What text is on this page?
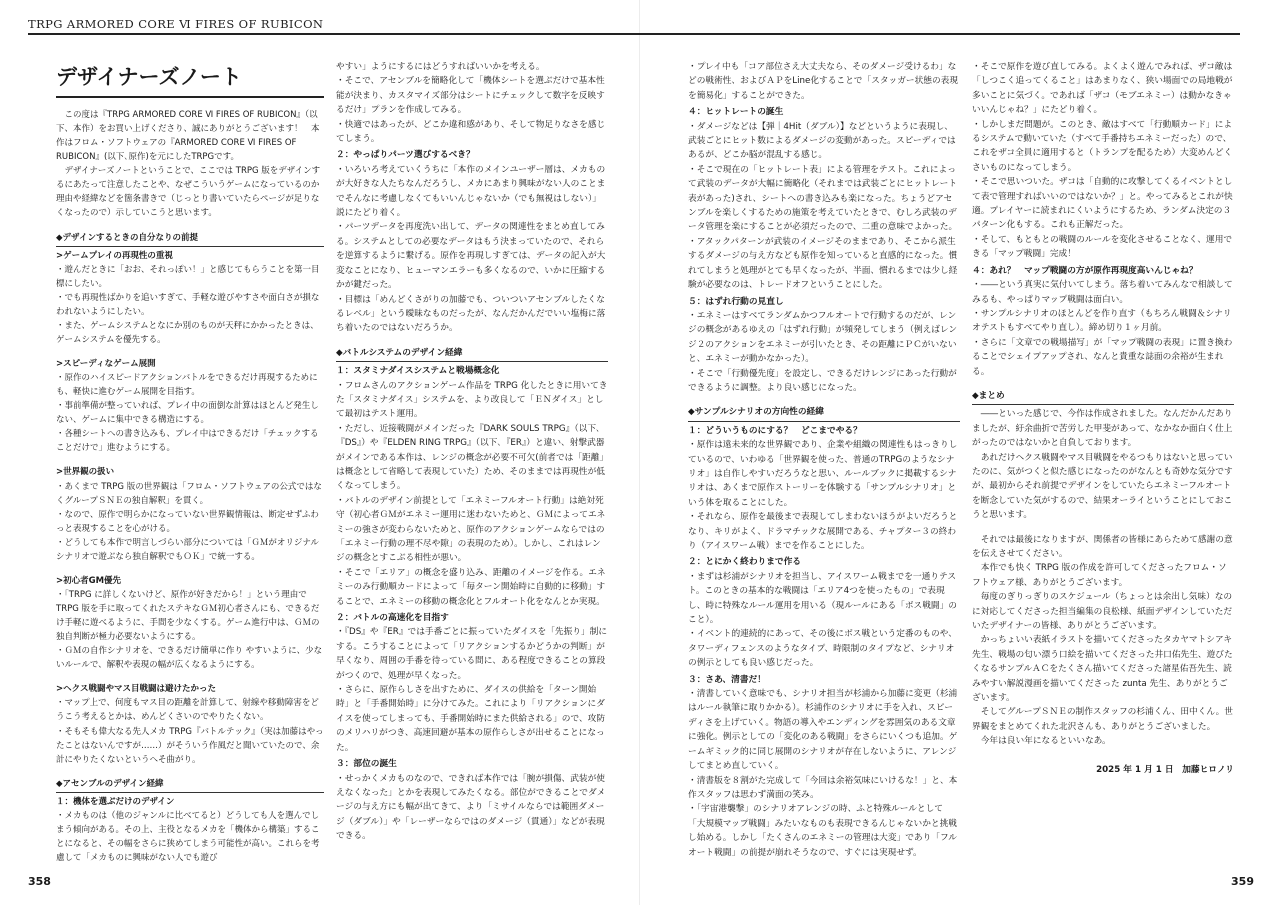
TRPG ARMORED CORE Ⅵ FIRES OF RUBICON
デザイナーズノート

　この度は『TRPG ARMORED CORE Ⅵ FIRES OF RUBICON』（以下、本作）をお買い上げくださり、誠にありがとうございます！　本作はフロム・ソフトウェアの『ARMORED CORE Ⅵ FIRES OF RUBICON』(以下､原作)を元にしたTRPGです。

　デザイナーズノートということで、ここでは TRPG 版をデザインするにあたって注意したことや、なぜこういうゲームになっているのか理由や経緯などを箇条書きで（じっとり書いていたらページが足りなくなったので）示していこうと思います。

◆デザインするときの自分なりの前提
>ゲームプレイの再現性の重視

・遊んだときに「おお、それっぽい！」と感じてもらうことを第一目標にしたい。
・でも再現性ばかりを追いすぎて、手軽な遊びやすさや面白さが損なわれないようにしたい。
・また、ゲームシステムとなにか別のものが天秤にかかったときは、ゲームシステムを優先する。

>スピーディなゲーム展開

・原作のハイスピードアクションバトルをできるだけ再現するためにも、軽快に進むゲーム展開を目指す。
・事前準備が整っていれば、プレイ中の面倒な計算はほとんど発生しない、ゲームに集中できる構造にする。
・各種シートへの書き込みも、プレイ中はできるだけ「チェックすることだけで」進むようにする。

>世界観の扱い

・あくまで TRPG 版の世界観は「フロム・ソフトウェアの公式ではなくグループＳＮＥの独自解釈」を貫く。
・なので、原作で明らかになっていない世界観情報は、断定せずふわっと表現することを心がける。
・どうしても本作で明言しづらい部分については「ＧＭがオリジナルシナリオで遊ぶなら独自解釈でもＯＫ」で統一する。

>初心者GM優先

・「TRPG に詳しくないけど、原作が好きだから！」という理由で TRPG 版を手に取ってくれたステキなＧＭ初心者さんにも、できるだけ手軽に遊べるように、手間を少なくする。ゲーム進行中は、ＧＭの独自判断が極力必要ないようにする。
・ＧＭの自作シナリオを、できるだけ簡単に作り やすいように、少ないルールで、解釈や表現の幅が広くなるようにする。

>ヘクス戦闘やマス目戦闘は避けたかった

・マップ上で、何度もマス目の距離を計算して、射線や移動障害をどうこう考えるとかは、めんどくさいのでやりたくない。
・そもそも偉大なる先人メカ TRPG『バトルテック』（実は加藤はやったことはないんですが……）がそういう作風だと聞いていたので、余計にやりたくないというへそ曲がり。

◆アセンブルのデザイン経緯
１：機体を選ぶだけのデザイン

・メカものは（他のジャンルに比べてると）どうしても人を選んでしまう傾向がある。その上、主役となるメカを「機体から構築」することになると、その幅をさらに狭めてしまう可能性が高い。これらを考慮して「メカものに興味がない人でも遊び

やすい」ようにするにはどうすればいいかを考える。
・そこで、アセンブルを簡略化して「機体シートを選ぶだけで基本性能が決まり、カスタマイズ部分はシートにチェックして数字を反映するだけ」プランを作成してみる。
・快適ではあったが、どこか違和感があり、そして物足りなさを感じてしまう。

２：やっぱりパーツ選びするべき？

・いろいろ考えていくうちに「本作のメインユーザー層は、メカものが大好きな人たちなんだろうし、メカにあまり興味がない人のことまでそんなに考慮しなくてもいいんじゃないか（でも無視はしない）」説にたどり着く。
・パーツデータを再度洗い出して、データの関連性をまとめ直してみる。システムとしての必要なデータはもう決まっていたので、それらを逆算するように繋げる。原作を再現しすぎては、データの記入が大変なことになり、ヒューマンエラーも多くなるので、いかに圧縮するかが鍵だった。
・目標は「めんどくさがりの加藤でも、ついついアセンブルしたくなるレベル」という曖昧なものだったが、なんだかんだでいい塩梅に落ち着いたのではないだろうか。

◆バトルシステムのデザイン経緯
１：スタミナダイスシステムと戦場概念化

・フロムさんのアクションゲーム作品を TRPG 化したときに用いてきた「スタミナダイス」システムを、より改良して「ＥＮダイス」として最初はテスト運用。
・ただし、近接戦闘がメインだった『DARK SOULS TRPG』（以下､『DS』）や『ELDEN RING TRPG』（以下､『ER』）と違い、射撃武器がメインである本作は、レンジの概念が必要不可欠(前者では「距離」は概念として省略して表現していた）ため、そのままでは再現性が低くなってしまう。
・バトルのデザイン前提として「エネミーフルオート行動」は絶対死守（初心者ＧＭがエネミー運用に迷わないためと、ＧＭによってエネミーの強さが変わらないためと、原作のアクションゲームならではの「エネミー行動の理不尽や隙」の表現のため）。しかし、これはレンジの概念とすこぶる相性が悪い。
・そこで「エリア」の概念を盛り込み、距離のイメージを作る。エネミーのみ行動順カードによって「毎ターン開始時に自動的に移動」することで、エネミーの移動の概念化とフルオート化をなんとか実現。

２：バトルの高速化を目指す

・『DS』や『ER』では手番ごとに振っていたダイスを「先振り」制にする。こうすることによって「リアクションするかどうかの判断」が早くなり、周囲の手番を待っている間に、ある程度できることの算段がつくので、処理が早くなった。
・さらに、原作らしさを出すために、ダイスの供給を「ターン開始時」と「手番開始時」に分けてみた。これにより「リアクションにダイスを使ってしまっても、手番開始時にまた供給される」ので、攻防のメリハリがつき、高速回避が基本の原作らしさが出せることになった。

３：部位の誕生

・せっかくメカものなので、できれば本作では「腕が損傷、武装が使えなくなった」とかを表現してみたくなる。部位ができることでダメージの与え方にも幅が出てきて、より「ミサイルならでは範囲ダメージ（ダブル）」や「レーザーならではのダメージ（貫通）」などが表現できる。

358

・プレイ中も「コア部位さえ大丈夫なら、そのダメージ受けるわ」などの戦術性、およびＡＰをLine化することで「スタッガー状態の表現を簡易化」することができた。

４：ヒットレートの誕生

・ダメージなどは【弾｜4Hit（ダブル）】などというように表現し、武装ごとにヒット数によるダメージの変動があった。スピーディではあるが、どこか脳が混乱する感じ。
・そこで現在の「ヒットレート表」による管理をテスト。これによって武装のデータが大幅に簡略化（それまでは武装ごとにヒットレート表があった)され、シートへの書き込みも楽になった。ちょうどアセンブルを楽しくするための施策を考えていたときで、むしろ武装のデータ管理を楽にすることが必須だったので、二重の意味でよかった。
・アタックパターンが武装のイメージそのままであり、そこから派生するダメージの与え方なども原作を知っていると直感的になった。慣れてしまうと処理がとても早くなったが、半面、慣れるまでは少し経験が必要なのは、トレードオフということにした。

５：はずれ行動の見直し

・エネミーはすべてランダムかつフルオートで行動するのだが、レンジの概念があるゆえの「はずれ行動」が頻発してしまう（例えばレンジ２のアクションをエネミーが引いたとき、その距離にＰＣがいないと、エネミーが動かなかった）。
・そこで「行動優先度」を設定し、できるだけレンジにあった行動ができるように調整。より良い感じになった。

◆サンプルシナリオの方向性の経緯
１：どういうものにする？　どこまでやる？

・原作は遠未来的な世界観であり、企業や組織の関連性もはっきりしているので、いわゆる「世界観を使った、普通のTRPGのようなシナリオ」は自作しやすいだろうなと思い、ルールブックに掲載するシナリオは、あくまで原作ストーリーを体験する「サンプルシナリオ」という体を取ることにした。
・それなら、原作を最後まで表現してしまわないほうがよいだろうとなり、キリがよく、ドラマチックな展開である、チャプター３の終わり（アイスワーム戦）までを作ることにした。

２：とにかく終わりまで作る

・まずは杉浦がシナリオを担当し、アイスワーム戦までを一通りテスト。このときの基本的な戦闘は「エリア4つを使ったもの」で表現し、時に特殊なルール運用を用いる（現ルールにある「ボス戦闘」のこと）。
・イベント的連続的にあって、その後にボス戦という定番のものや、タワーディフェンスのようなタイプ、時限制のタイプなど、シナリオの例示としても良い感じだった。

３：さあ、清書だ！

・清書していく意味でも、シナリオ担当が杉浦から加藤に変更（杉浦はルール執筆に取りかかる）。杉浦作のシナリオに手を入れ、スピーディさを上げていく。物語の導入やエンディングを雰囲気のある文章に強化。例示としての「変化のある戦闘」をさらにいくつも追加。ゲームギミック的に同じ展開のシナリオが存在しないように、アレンジしてまとめ直していく。
・清書版を８割がた完成して「今回は余裕気味にいけるな！」と、本作スタッフは思わず満面の笑み。
・「宇宙港襲撃」のシナリオアレンジの時、ふと特殊ルールとして「大規模マップ戦闘」みたいなものも表現できるんじゃないかと挑戦し始める。しかし「たくさんのエネミーの管理は大変」であり「フルオート戦闘」の前提が崩れそうなので、すぐには実現せず。

・そこで原作を遊び直してみる。よくよく遊んでみれば、ザコ敵は「しつこく追ってくること」はあまりなく、狭い場面での局地戦が多いことに気づく。であれば「ザコ（モブエネミー）は動かなきゃいいんじゃね？」にたどり着く。
・しかしまだ問題が。このとき、敵はすべて「行動順カード」によるシステムで動いていた（すべて手番持ちエネミーだった）ので、これをザコ全員に適用すると（トランプを配るため）大変めんどくさいものになってしまう。
・そこで思いついた。ザコは「自動的に攻撃してくるイベントとして表で管理すればいいのではないか？」と。やってみるとこれが快適。プレイヤーに読まれにくいようにするため、ランダム決定の３パターン化もする。これも正解だった。
・そして、もともとの戦闘のルールを変化させることなく、運用できる「マップ戦闘」完成！

４：あれ？　マップ戦闘の方が原作再現度高いんじゃね？

・――という真実に気付いてしまう。落ち着いてみんなで相談してみるも、やっぱりマップ戦闘は面白い。
・サンプルシナリオのほとんどを作り直す（もちろん戦闘＆シナリオテストもすべてやり直し）。締め切り１ヶ月前。
・さらに「文章での戦場描写」が「マップ戦闘の表現」に置き換わることでシェイプアップされ、なんと貴重な誌面の余裕が生まれる。

◆まとめ

　――といった感じで、今作は作成されました。なんだかんだありましたが、紆余曲折で苦労した甲斐があって、なかなか面白く仕上がったのではないかと自負しております。
　あれだけヘクス戦闘やマス目戦闘をやるつもりはないと思っていたのに、気がつくと似た感じになったのがなんとも奇妙な気分ですが、最初からそれ前提でデザインをしていたらエネミーフルオートを断念していた気がするので、結果オーライということにしておこうと思います。

　それでは最後になりますが、関係者の皆様にあらためて感謝の意を伝えさせてください。
　本作でも快く TRPG 版の作成を許可してくださったフロム・ソフトウェア様、ありがとうございます。
　毎度のぎりっぎりのスケジュール（ちょっとは余出し気味）なのに対応してくださった担当編集の良松様、紙面デザインしていただいたデザイナーの皆様、ありがとうございます。
　かっちょいい表紙イラストを描いてくださったタカヤマトシアキ先生、戦場の匂い漂う口絵を描いてくださった井口佑先生、遊びたくなるサンプルＡＣをたくさん描いてくださった諸星佑吾先生、読みやすい解説漫画を描いてくださった zunta 先生、ありがとうございます。
　そしてグループＳＮＥの制作スタッフの杉浦くん、田中くん。世界観をまとめてくれた北沢さんも、ありがとうございました。
　今年は良い年になるといいなあ。

2025 年 1 月 1 日　加藤ヒロノリ
359
